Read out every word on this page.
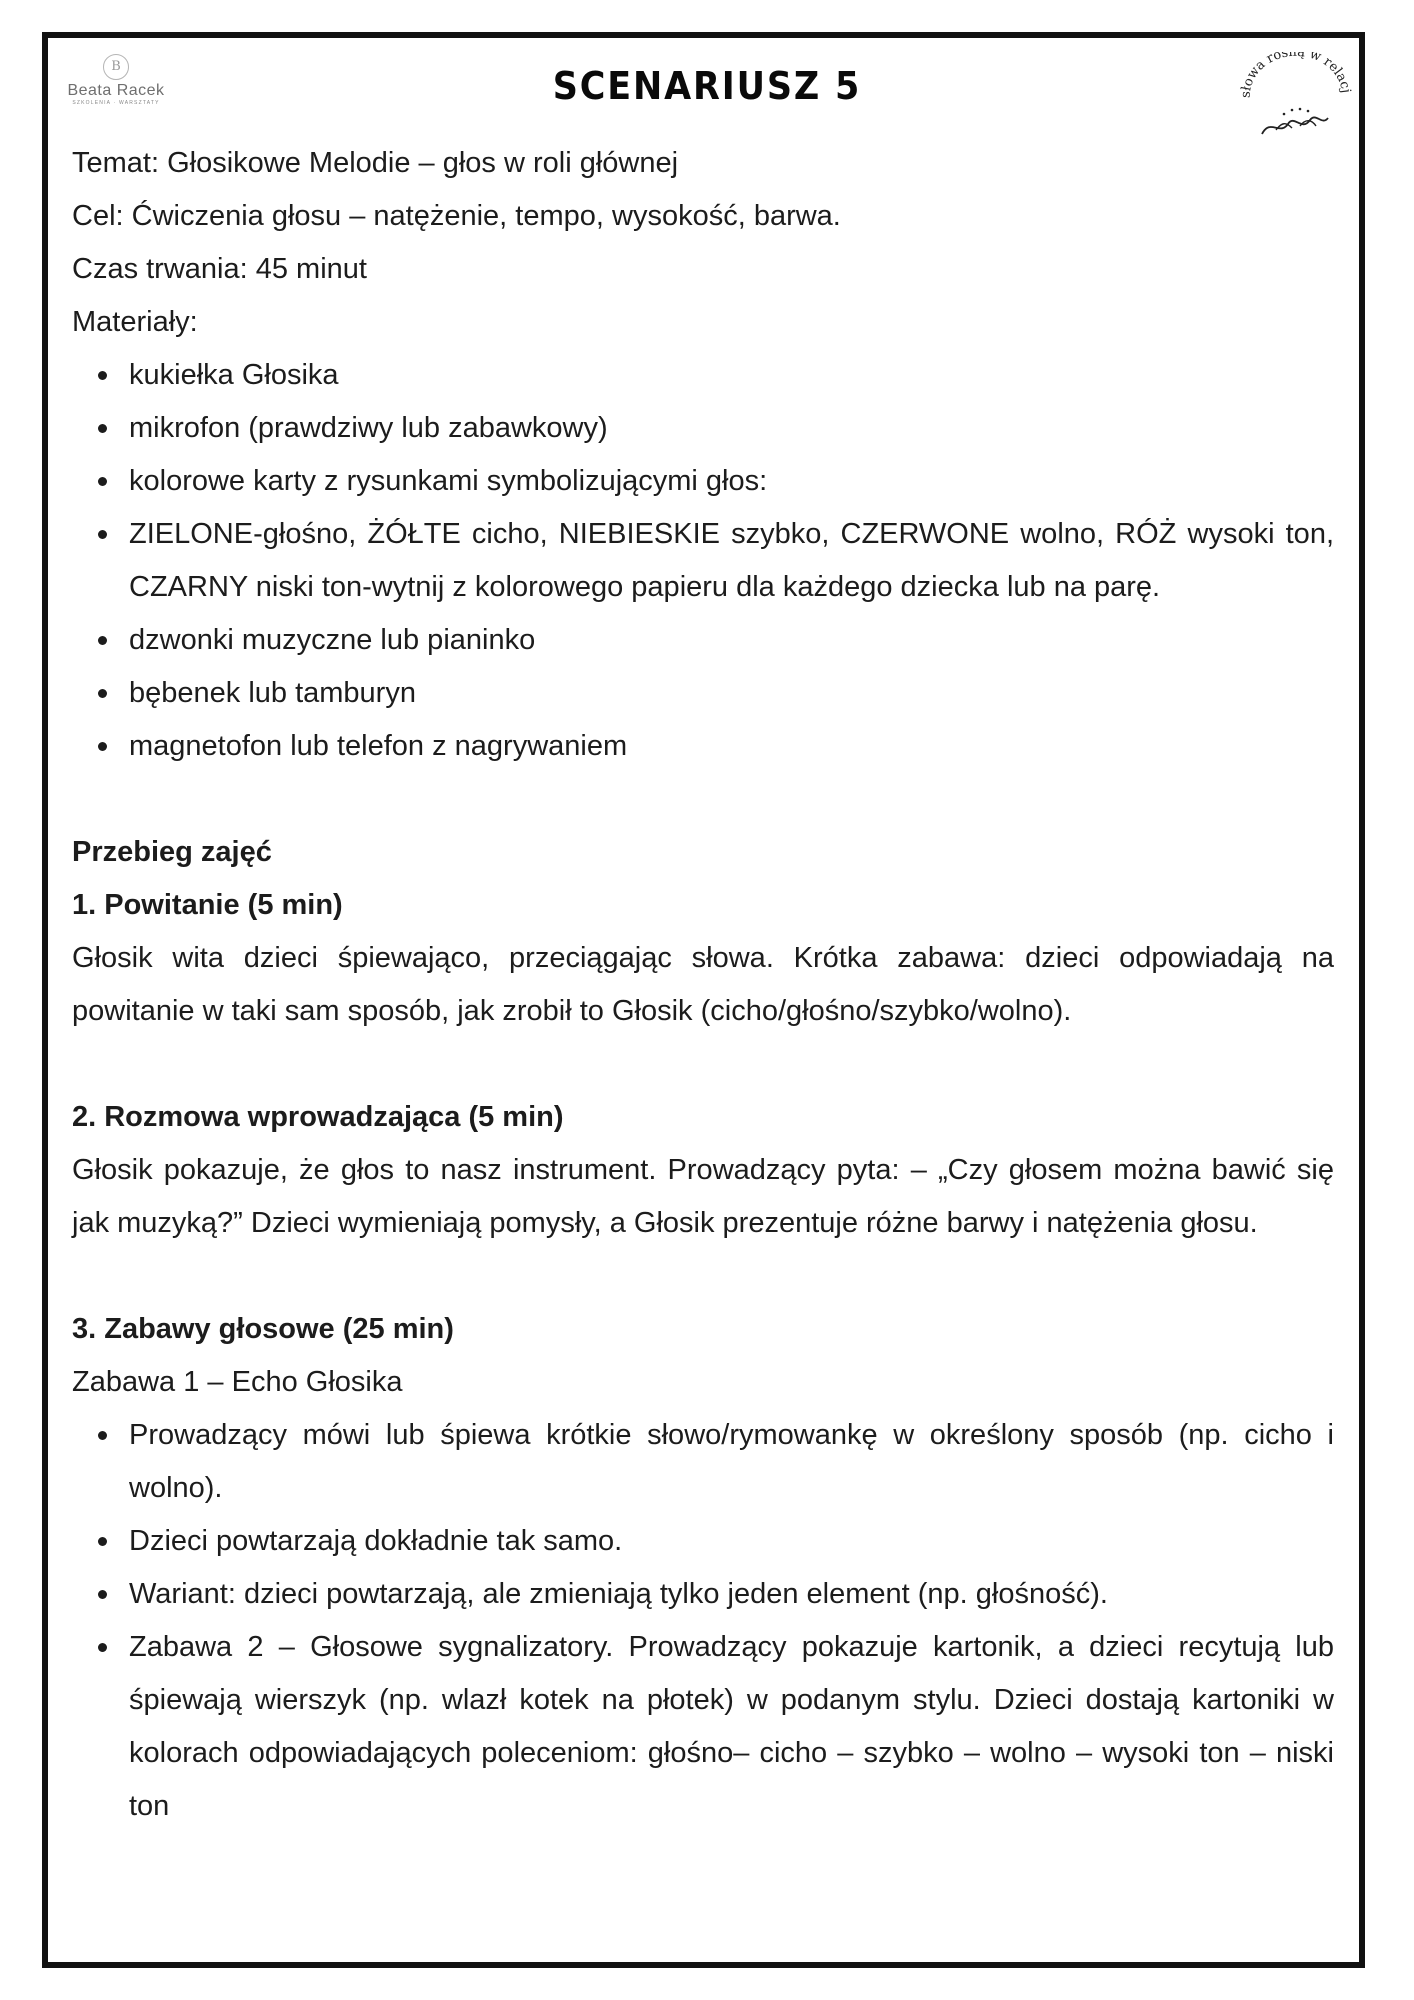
B
Beata Racek
SZKOLENIA · WARSZTATY	SCENARIUSZ 5	słowa rosną w relacj

Temat: Głosikowe Melodie – głos w roli głównej

Cel: Ćwiczenia głosu – natężenie, tempo, wysokość, barwa.

Czas trwania: 45 minut

Materiały:

kukiełka Głosika
mikrofon (prawdziwy lub zabawkowy)
kolorowe karty z rysunkami symbolizującymi głos:
ZIELONE-głośno, ŻÓŁTE cicho, NIEBIESKIE szybko, CZERWONE wolno, RÓŻ wysoki ton, CZARNY niski ton-wytnij z kolorowego papieru dla każdego dziecka lub na parę.
dzwonki muzyczne lub pianinko
bębenek lub tamburyn
magnetofon lub telefon z nagrywaniem

Przebieg zajęć

1. Powitanie (5 min)

Głosik wita dzieci śpiewająco, przeciągając słowa. Krótka zabawa: dzieci odpowiadają na powitanie w taki sam sposób, jak zrobił to Głosik (cicho/głośno/szybko/wolno).

2. Rozmowa wprowadzająca (5 min)

Głosik pokazuje, że głos to nasz instrument. Prowadzący pyta: – „Czy głosem można bawić się jak muzyką?” Dzieci wymieniają pomysły, a Głosik prezentuje różne barwy i natężenia głosu.

3. Zabawy głosowe (25 min)

Zabawa 1 – Echo Głosika

Prowadzący mówi lub śpiewa krótkie słowo/rymowankę w określony sposób (np. cicho i wolno).
Dzieci powtarzają dokładnie tak samo.
Wariant: dzieci powtarzają, ale zmieniają tylko jeden element (np. głośność).
Zabawa 2 – Głosowe sygnalizatory. Prowadzący pokazuje kartonik, a dzieci recytują lub śpiewają wierszyk (np. wlazł kotek na płotek) w podanym stylu. Dzieci dostają kartoniki w kolorach odpowiadających poleceniom: głośno– cicho – szybko – wolno – wysoki ton – niski ton
